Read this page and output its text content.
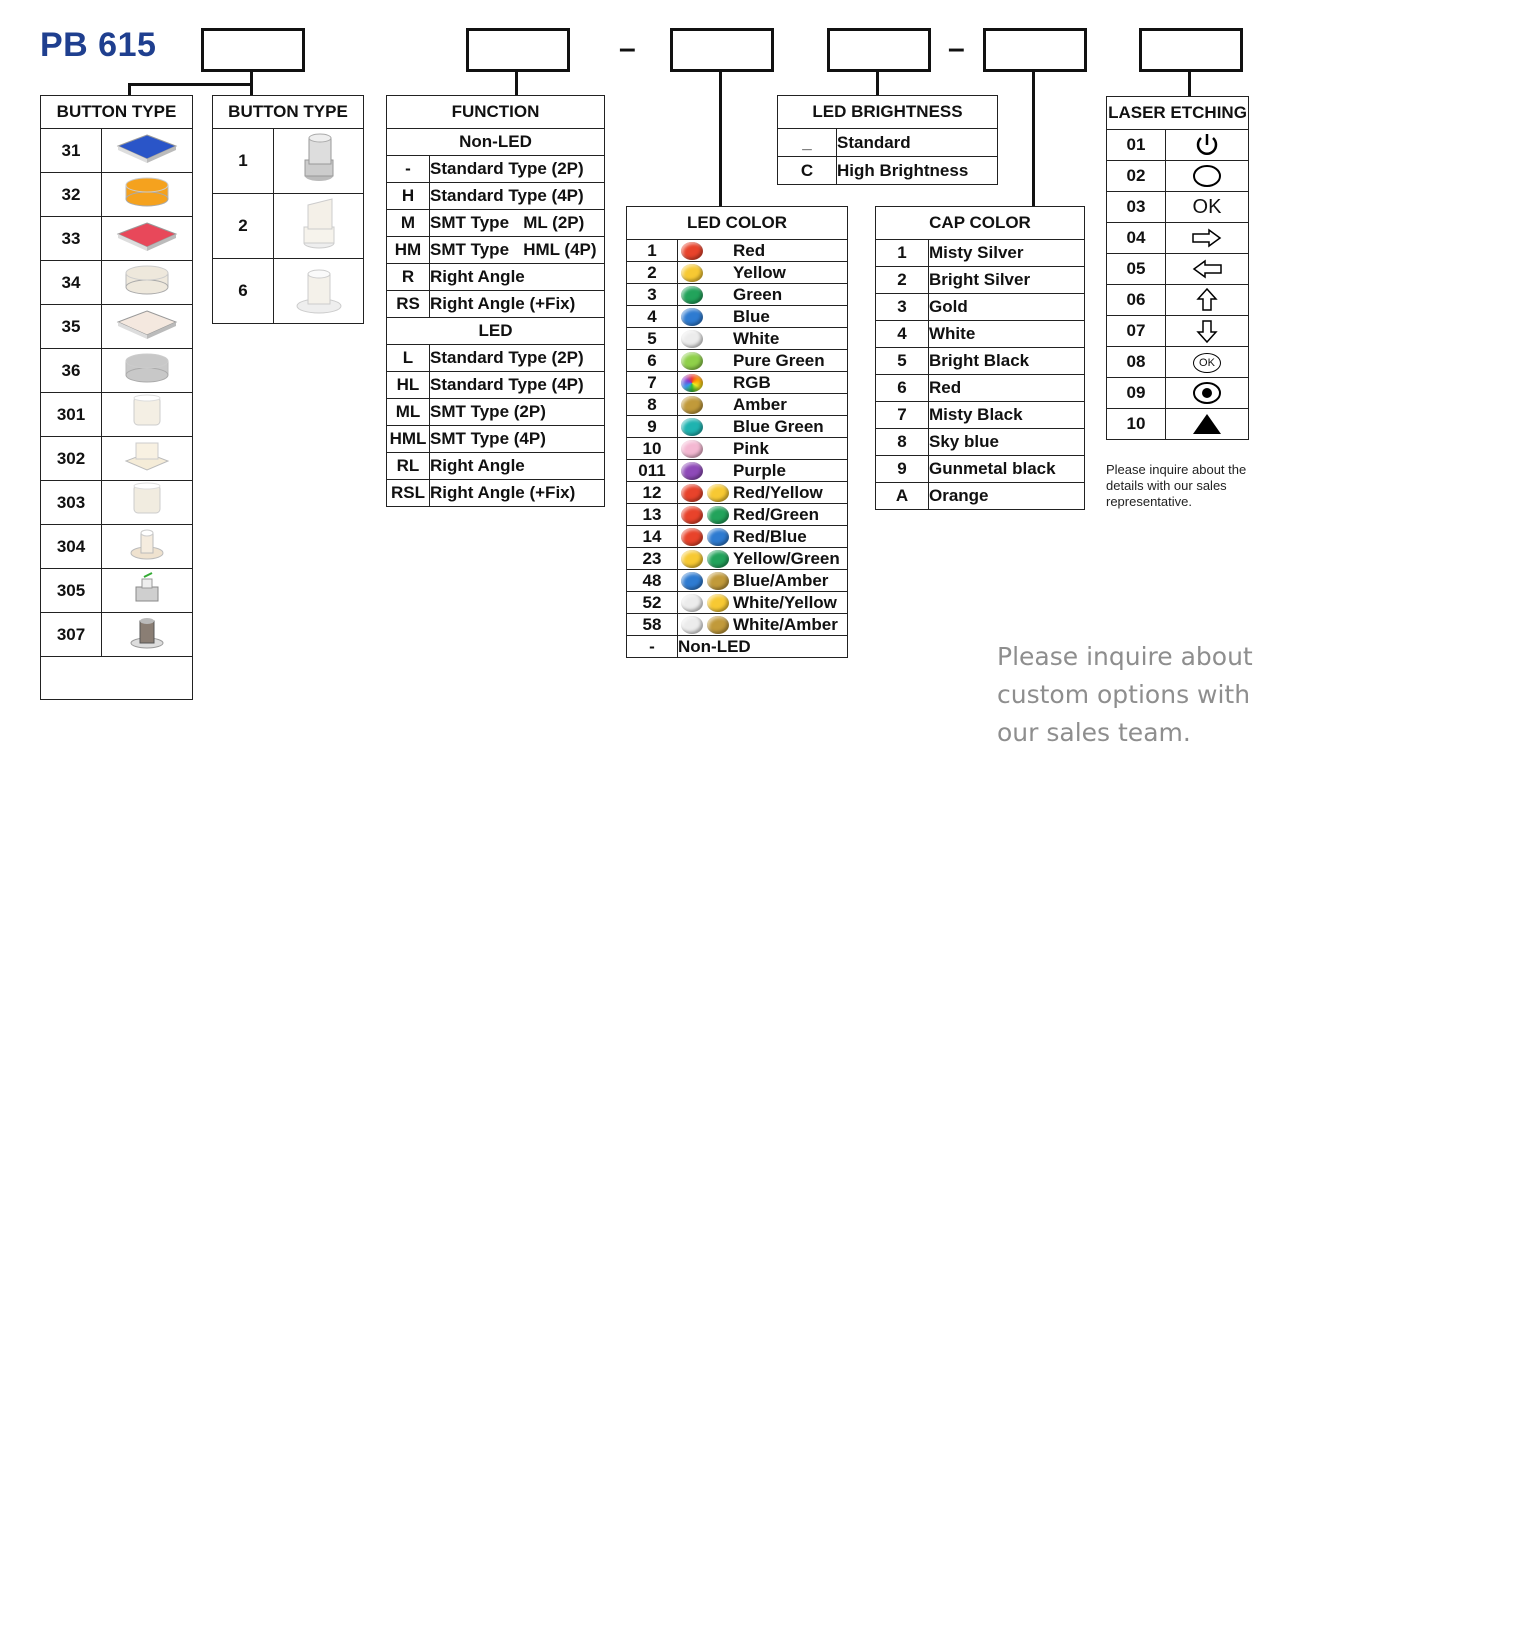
PB 615	–	–
BUTTON TYPE	
31	
32	
33	
34	
35	
36	
301	
302	
303	
304	
305	
307	

BUTTON TYPE	
1	
2	
6	
FUNCTION	
Non-LED	
-	Standard Type (2P)
H	Standard Type (4P)
M	SMT Type   ML (2P)
HM	SMT Type   HML (4P)
R	Right Angle
RS	Right Angle (+Fix)
LED	
L	Standard Type (2P)
HL	Standard Type (4P)
ML	SMT Type (2P)
HML	SMT Type (4P)
RL	Right Angle
RSL	Right Angle (+Fix)
LED BRIGHTNESS	
_	Standard
C	High Brightness
LED COLOR		
1		Red
2		Yellow
3		Green
4		Blue
5		White
6		Pure Green
7		RGB
8		Amber
9		Blue Green
10		Pink
011		Purple
12		Red/Yellow
13		Red/Green
14		Red/Blue
23		Yellow/Green
48		Blue/Amber
52		White/Yellow
58		White/Amber
-	Non-LED	
CAP COLOR	
1	Misty Silver
2	Bright Silver
3	Gold
4	White
5	Bright Black
6	Red
7	Misty Black
8	Sky blue
9	Gunmetal black
A	Orange
LASER ETCHING	
01	
02	
03	OK
04	
05	
06	
07	
08	OK
09	
10	
Please inquire about the details with our sales representative.
Please inquire about custom options with our sales team.
